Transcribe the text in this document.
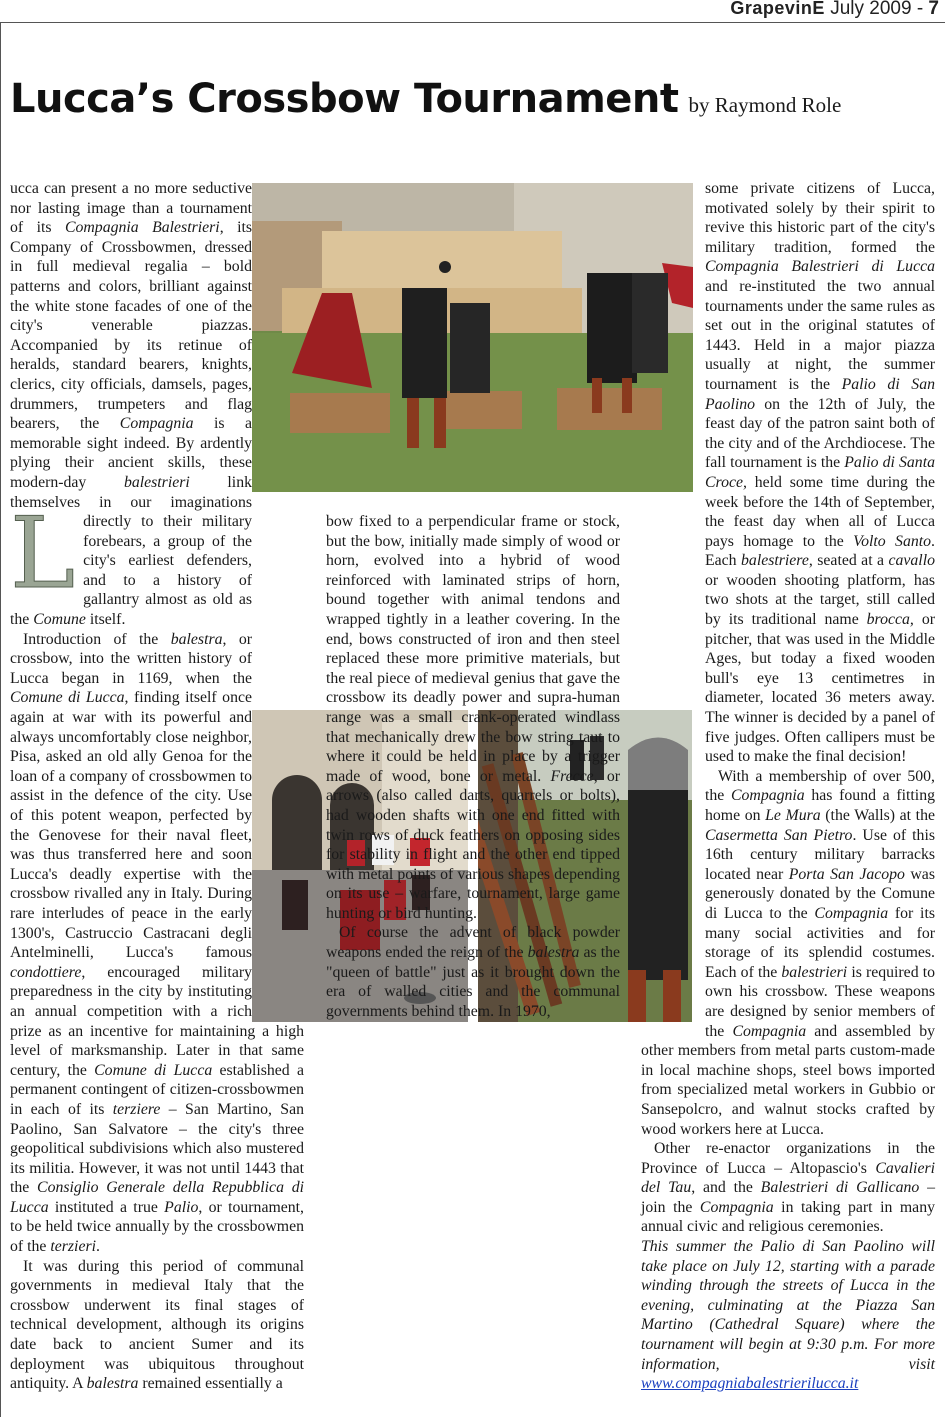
GrapevinE July 2009 - 7
Lucca’s Crossbow Tournament by Raymond Role
L

ucca can present a no more seductive nor lasting image than a tournament of its Compagnia Balestrieri, its Company of Crossbowmen, dressed in full medieval regalia – bold patterns and colors, brilliant against the white stone facades of one of the city's venerable piazzas. Accompanied by its retinue of heralds, standard bearers, knights, clerics, city officials, damsels, pages, drummers, trumpeters and flag bearers, the Compagnia is a memorable sight indeed. By ardently plying their ancient skills, these modern-day balestrieri link themselves in our imaginations directly to their military forebears, a group of the city's earliest defenders, and to a history of gallantry almost as old as the Comune itself.

Introduction of the balestra, or crossbow, into the written history of Lucca began in 1169, when the Comune di Lucca, finding itself once again at war with its powerful and always uncomfortably close neighbor, Pisa, asked an old ally Genoa for the loan of a company of crossbowmen to assist in the defence of the city. Use of this potent weapon, perfected by the Genovese for their naval fleet, was thus transferred here and soon Lucca's deadly expertise with the crossbow rivalled any in Italy. During rare interludes of peace in the early 1300's, Castruccio Castracani degli Antelminelli, Lucca's famous condottiere, encouraged military preparedness in the city by instituting an annual competition with a rich prize as an incentive for maintaining a high level of marksmanship. Later in that same century, the Comune di Lucca established a permanent contingent of citizen-crossbowmen in each of its terziere – San Martino, San Paolino, San Salvatore – the city's three geopolitical subdivisions which also mustered its militia. However, it was not until 1443 that the Consiglio Generale della Repubblica di Lucca instituted a true Palio, or tournament, to be held twice annually by the crossbowmen of the terzieri.

It was during this period of communal governments in medieval Italy that the crossbow underwent its final stages of technical development, although its origins date back to ancient Sumer and its deployment was ubiquitous throughout antiquity. A balestra remained essentially a

bow fixed to a perpendicular frame or stock, but the bow, initially made simply of wood or horn, evolved into a hybrid of wood reinforced with laminated strips of horn, bound together with animal tendons and wrapped tightly in a leather covering. In the end, bows constructed of iron and then steel replaced these more primitive materials, but the real piece of medieval genius that gave the crossbow its deadly power and supra-human range was a small crank-operated windlass that mechanically drew the bow string taut to where it could be held in place by a trigger made of wood, bone or metal. Frecce, or arrows (also called darts, quarrels or bolts), had wooden shafts with one end fitted with twin rows of duck feathers on opposing sides for stability in flight and the other end tipped with metal points of various shapes depending on its use – warfare, tournament, large game hunting or bird hunting.

Of course the advent of black powder weapons ended the reign of the balestra as the "queen of battle" just as it brought down the era of walled cities and the communal governments behind them. In 1970,

some private citizens of Lucca, motivated solely by their spirit to revive this historic part of the city's military tradition, formed the Compagnia Balestrieri di Lucca and re-instituted the two annual tournaments under the same rules as set out in the original statutes of 1443. Held in a major piazza usually at night, the summer tournament is the Palio di San Paolino on the 12th of July, the feast day of the patron saint both of the city and of the Archdiocese. The fall tournament is the Palio di Santa Croce, held some time during the week before the 14th of September, the feast day when all of Lucca pays homage to the Volto Santo. Each balestriere, seated at a cavallo or wooden shooting platform, has two shots at the target, still called by its traditional name brocca, or pitcher, that was used in the Middle Ages, but today a fixed wooden bull's eye 13 centimetres in diameter, located 36 meters away. The winner is decided by a panel of five judges. Often callipers must be used to make the final decision!

With a membership of over 500, the Compagnia has found a fitting home on Le Mura (the Walls) at the Casermetta San Pietro. Use of this 16th century military barracks located near Porta San Jacopo was generously donated by the Comune di Lucca to the Compagnia for its many social activities and for storage of its splendid costumes. Each of the balestrieri is required to own his crossbow. These weapons are designed by senior members of the Compagnia and assembled by other members from metal parts custom-made in local machine shops, steel bows imported from specialized metal workers in Gubbio or Sansepolcro, and walnut stocks crafted by wood workers here at Lucca.

Other re-enactor organizations in the Province of Lucca – Altopascio's Cavalieri del Tau, and the Balestrieri di Gallicano – join the Compagnia in taking part in many annual civic and religious ceremonies.

This summer the Palio di San Paolino will take place on July 12, starting with a parade winding through the streets of Lucca in the evening, culminating at the Piazza San Martino (Cathedral Square) where the tournament will begin at 9:30 p.m. For more information, visit www.compagniabalestrierilucca.it
